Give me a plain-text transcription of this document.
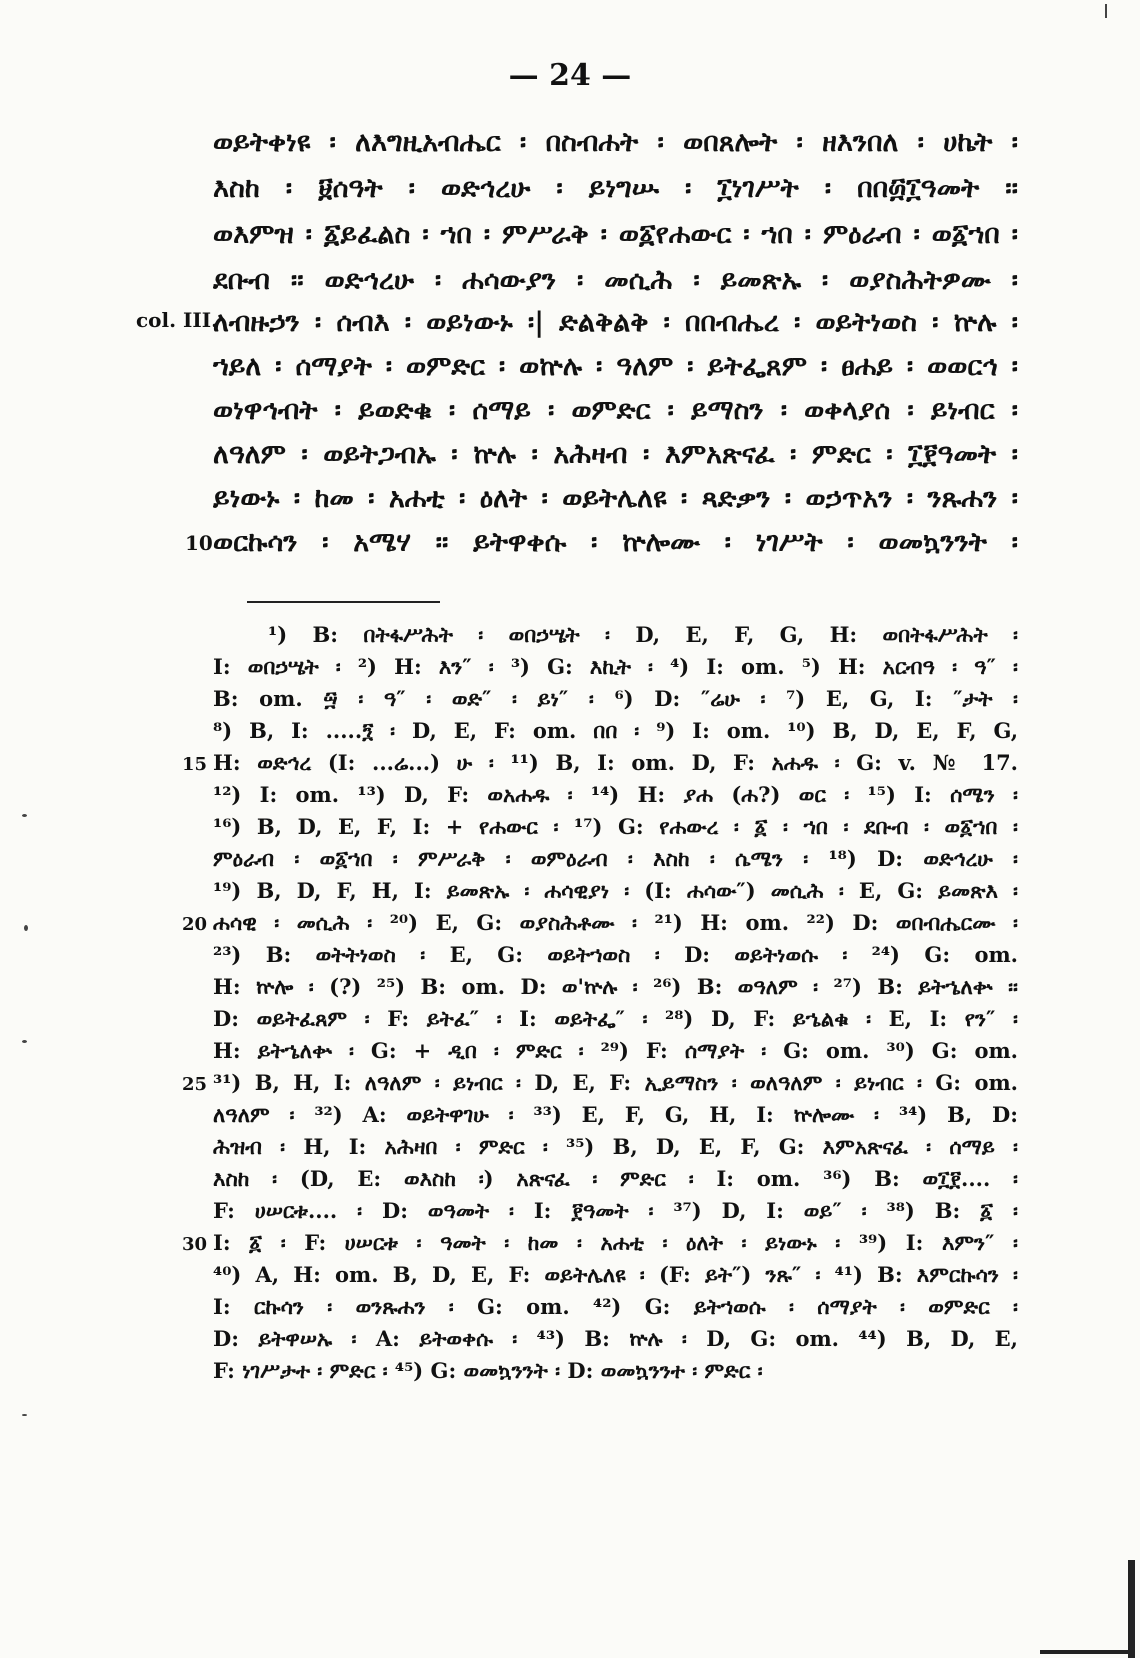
— 24 —
ወይትቀነዩ ፡ ለእግዚአብሔር ፡ በስብሐት ፡ ወበጸሎት ፡ ዘእንበለ ፡ ሀኬት ፡
እስከ ፡ ፱ሰዓት ፡ ወድኅረሁ ፡ ይነግሡ ፡ ፲ነገሥት ፡ በበ፴፲ዓመት ፡፡
ወእምዝ ፡ ፩ይፈልስ ፡ ኀበ ፡ ምሥራቅ ፡ ወ፩የሐውር ፡ ኀበ ፡ ምዕራብ ፡ ወ፩ኀበ ፡
ደቡብ ፡፡ ወድኅረሁ ፡ ሐሳውያን ፡ መሲሕ ፡ ይመጽኡ ፡ ወያስሕትዎሙ ፡
col. III.
ለብዙኃን ፡ ሰብእ ፡ ወይነውኑ ፡| ድልቅልቅ ፡ በበብሔረ ፡ ወይትነወስ ፡ ኵሉ ፡
ኀይለ ፡ ሰማያት ፡ ወምድር ፡ ወኵሉ ፡ ዓለም ፡ ይትፌጸም ፡ ፀሐይ ፡ ወወርኅ ፡
ወነዋኅብት ፡ ይወድቁ ፡ ሰማይ ፡ ወምድር ፡ ይማስን ፡ ወቀላያሰ ፡ ይነብር ፡
ለዓለም ፡ ወይትጋብኡ ፡ ኵሉ ፡ አሕዛብ ፡ እምአጽናፈ ፡ ምድር ፡ ፲፻ዓመት ፡
ይነውኑ ፡ ከመ ፡ አሐቲ ፡ ዕለት ፡ ወይትሌለዩ ፡ ጻድቃን ፡ ወኃጥአን ፡ ንጹሐን ፡
10 ወርኩሳን ፡ አሜሃ ፡፡ ይትዋቀሱ ፡ ኵሎሙ ፡ ነገሥት ፡ ወመኳንንት ፡
¹) B: በትፋሥሕት ፡ ወበኃሤት ፡ D, E, F, G, H: ወበትፋሥሕት ፡
I: ወበኃሤት ፡ ²) H: እን″ ፡ ³) G: እኪት ፡ ⁴) I: om. ⁵) H: አርብዓ ፡ ዓ″ ፡
B: om. ፵ ፡ ዓ″ ፡ ወድ″ ፡ ይነ″ ፡ ⁶) D: ″ሬሁ ፡ ⁷) E, G, I: ″ታት ፡
⁸) B, I: .....፺ ፡ D, E, F: om. በበ ፡ ⁹) I: om. ¹⁰) B, D, E, F, G,
15 H: ወድኅረ (I: ...ሬ...) ሁ ፡ ¹¹) B, I: om. D, F: አሐዱ ፡ G: v. № 17.
¹²) I: om. ¹³) D, F: ወአሐዱ ፡ ¹⁴) H: ያሐ (ሐ?) ወር ፡ ¹⁵) I: ሰሜን ፡
¹⁶) B, D, E, F, I: + የሐውር ፡ ¹⁷) G: የሐውረ ፡ ፩ ፡ ኀበ ፡ ደቡብ ፡ ወ፩ኀበ ፡
ምዕራብ ፡ ወ፩ኀበ ፡ ምሥራቅ ፡ ወምዕራብ ፡ እስከ ፡ ሴሜን ፡ ¹⁸) D: ወድኅረሁ ፡
¹⁹) B, D, F, H, I: ይመጽኡ ፡ ሐሳዊያነ ፡ (I: ሐሳው″) መሲሕ ፡ E, G: ይመጽእ ፡
20 ሐሳዊ ፡ መሲሕ ፡ ²⁰) E, G: ወያስሕቶሙ ፡ ²¹) H: om. ²²) D: ወበብሔርሙ ፡
²³) B: ወትትነወስ ፡ E, G: ወይትኀወስ ፡ D: ወይትነወሱ ፡ ²⁴) G: om.
H: ኵሎ ፡ (?) ²⁵) B: om. D: ወ'ኵሉ ፡ ²⁶) B: ወዓለም ፡ ²⁷) B: ይትኄለቍ ፡፡
D: ወይትፈጸም ፡ F: ይትፈ″ ፡ I: ወይትፌ″ ፡ ²⁸) D, F: ይኄልቁ ፡ E, I: የን″ ፡
H: ይትኄለቍ ፡ G: + ዲበ ፡ ምድር ፡ ²⁹) F: ሰማያት ፡ G: om. ³⁰) G: om.
25 ³¹) B, H, I: ለዓለም ፡ ይነብር ፡ D, E, F: ኢይማስን ፡ ወለዓለም ፡ ይነብር ፡ G: om.
ለዓለም ፡ ³²) A: ወይትዋገሁ ፡ ³³) E, F, G, H, I: ኵሎሙ ፡ ³⁴) B, D:
ሕዝብ ፡ H, I: አሕዛበ ፡ ምድር ፡ ³⁵) B, D, E, F, G: እምአጽናፈ ፡ ሰማይ ፡
እስከ ፡ (D, E: ወእስከ ፡) አጽናፈ ፡ ምድር ፡ I: om. ³⁶) B: ወ፲፻.... ፡
F: ሀሠርቱ.... ፡ D: ወዓመት ፡ I: ፻ዓመት ፡ ³⁷) D, I: ወይ″ ፡ ³⁸) B: ፩ ፡
30 I: ፩ ፡ F: ሀሠርቱ ፡ ዓመት ፡ ከመ ፡ አሐቲ ፡ ዕለት ፡ ይነውኑ ፡ ³⁹) I: እምን″ ፡
⁴⁰) A, H: om. B, D, E, F: ወይትሌለዩ ፡ (F: ይት″) ንጹ″ ፡ ⁴¹) B: እምርኩሳን ፡
I: ርኩሳን ፡ ወንጹሐን ፡ G: om. ⁴²) G: ይትኀወሱ ፡ ሰማያት ፡ ወምድር ፡
D: ይትዋሠኡ ፡ A: ይትወቀሱ ፡ ⁴³) B: ኵሉ ፡ D, G: om. ⁴⁴) B, D, E,
F: ነገሥታተ ፡ ምድር ፡ ⁴⁵) G: ወመኳንንት ፡ D: ወመኳንንተ ፡ ምድር ፡
